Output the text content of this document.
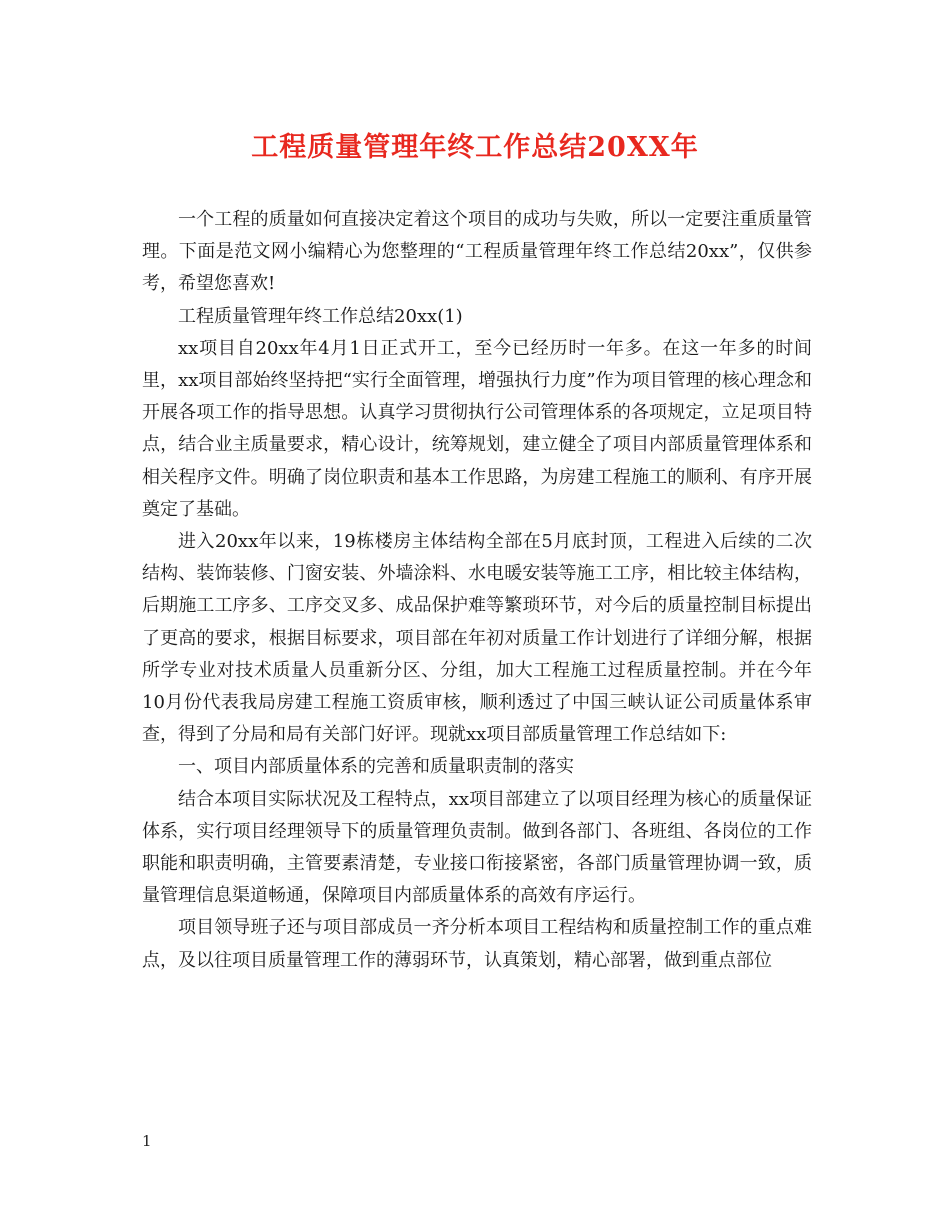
工程质量管理年终工作总结20XX年

一个工程的质量如何直接决定着这个项目的成功与失败，所以一定要注重质量管理。下面是范文网小编精心为您整理的“工程质量管理年终工作总结20xx”，仅供参考，希望您喜欢!

工程质量管理年终工作总结20xx(1)

xx项目自20xx年4月1日正式开工，至今已经历时一年多。在这一年多的时间里，xx项目部始终坚持把“实行全面管理，增强执行力度”作为项目管理的核心理念和开展各项工作的指导思想。认真学习贯彻执行公司管理体系的各项规定，立足项目特点，结合业主质量要求，精心设计，统筹规划，建立健全了项目内部质量管理体系和相关程序文件。明确了岗位职责和基本工作思路，为房建工程施工的顺利、有序开展奠定了基础。

进入20xx年以来，19栋楼房主体结构全部在5月底封顶，工程进入后续的二次结构、装饰装修、门窗安装、外墙涂料、水电暖安装等施工工序，相比较主体结构，后期施工工序多、工序交叉多、成品保护难等繁琐环节，对今后的质量控制目标提出了更高的要求，根据目标要求，项目部在年初对质量工作计划进行了详细分解，根据所学专业对技术质量人员重新分区、分组，加大工程施工过程质量控制。并在今年10月份代表我局房建工程施工资质审核，顺利透过了中国三峡认证公司质量体系审查，得到了分局和局有关部门好评。现就xx项目部质量管理工作总结如下:

一、项目内部质量体系的完善和质量职责制的落实

结合本项目实际状况及工程特点，xx项目部建立了以项目经理为核心的质量保证体系，实行项目经理领导下的质量管理负责制。做到各部门、各班组、各岗位的工作职能和职责明确，主管要素清楚，专业接口衔接紧密，各部门质量管理协调一致，质量管理信息渠道畅通，保障项目内部质量体系的高效有序运行。

项目领导班子还与项目部成员一齐分析本项目工程结构和质量控制工作的重点难点，及以往项目质量管理工作的薄弱环节，认真策划，精心部署，做到重点部位

1
